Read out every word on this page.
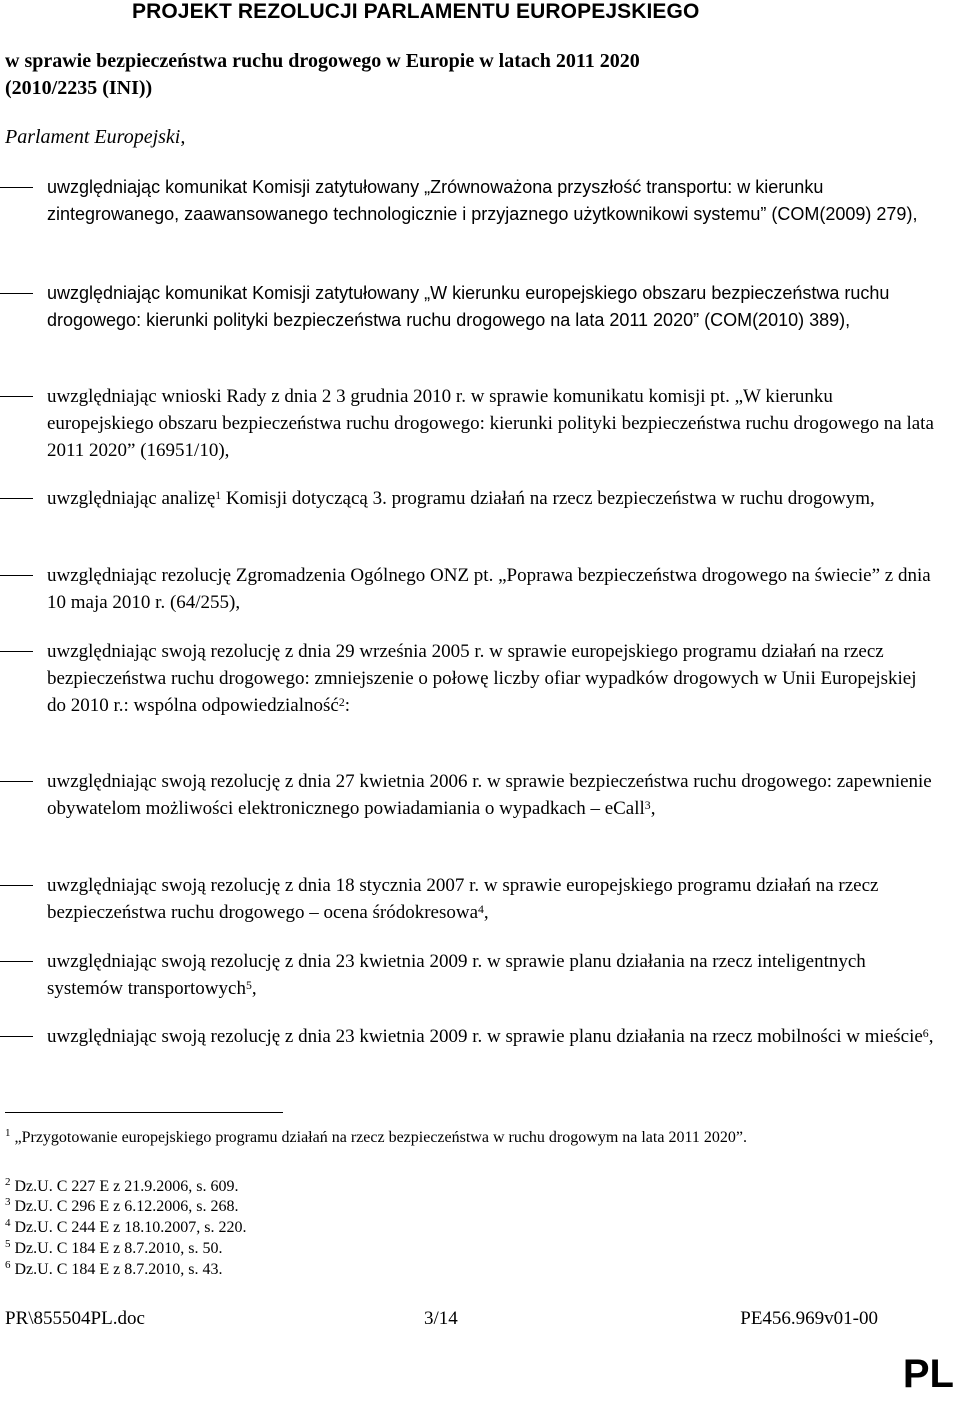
PROJEKT REZOLUCJI PARLAMENTU EUROPEJSKIEGO
w sprawie bezpieczeństwa ruchu drogowego w Europie w latach 2011 2020
(2010/2235 (INI))
Parlament Europejski,
uwzględniając komunikat Komisji zatytułowany „Zrównoważona przyszłość transportu: w kierunku zintegrowanego, zaawansowanego technologicznie i przyjaznego użytkownikowi systemu” (COM(2009) 279),
uwzględniając komunikat Komisji zatytułowany „W kierunku europejskiego obszaru bezpieczeństwa ruchu drogowego: kierunki polityki bezpieczeństwa ruchu drogowego na lata 2011 2020” (COM(2010) 389),
uwzględniając wnioski Rady z dnia 2 3 grudnia 2010 r. w sprawie komunikatu komisji pt. „W kierunku europejskiego obszaru bezpieczeństwa ruchu drogowego: kierunki polityki bezpieczeństwa ruchu drogowego na lata 2011 2020” (16951/10),
uwzględniając analizę$^1$ Komisji dotyczącą 3. programu działań na rzecz bezpieczeństwa w ruchu drogowym,
uwzględniając rezolucję Zgromadzenia Ogólnego ONZ pt. „Poprawa bezpieczeństwa drogowego na świecie” z dnia 10 maja 2010 r. (64/255),
uwzględniając swoją rezolucję z dnia 29 września 2005 r. w sprawie europejskiego programu działań na rzecz bezpieczeństwa ruchu drogowego: zmniejszenie o połowę liczby ofiar wypadków drogowych w Unii Europejskiej do 2010 r.: wspólna odpowiedzialność$^2$:
uwzględniając swoją rezolucję z dnia 27 kwietnia 2006 r. w sprawie bezpieczeństwa ruchu drogowego: zapewnienie obywatelom możliwości elektronicznego powiadamiania o wypadkach – eCall$^3$,
uwzględniając swoją rezolucję z dnia 18 stycznia 2007 r. w sprawie europejskiego programu działań na rzecz bezpieczeństwa ruchu drogowego – ocena śródokresowa$^4$,
uwzględniając swoją rezolucję z dnia 23 kwietnia 2009 r. w sprawie planu działania na rzecz inteligentnych systemów transportowych$^5$,
uwzględniając swoją rezolucję z dnia 23 kwietnia 2009 r. w sprawie planu działania na rzecz mobilności w mieście$^6$,
$^1$ „Przygotowanie europejskiego programu działań na rzecz bezpieczeństwa w ruchu drogowym na lata 2011 2020”.
$^2$ Dz.U. C 227 E z 21.9.2006, s. 609.
$^3$ Dz.U. C 296 E z 6.12.2006, s. 268.
$^4$ Dz.U. C 244 E z 18.10.2007, s. 220.
$^5$ Dz.U. C 184 E z 8.7.2010, s. 50.
$^6$ Dz.U. C 184 E z 8.7.2010, s. 43.
PR\855504PL.doc	3/14	PE456.969v01-00
PL
